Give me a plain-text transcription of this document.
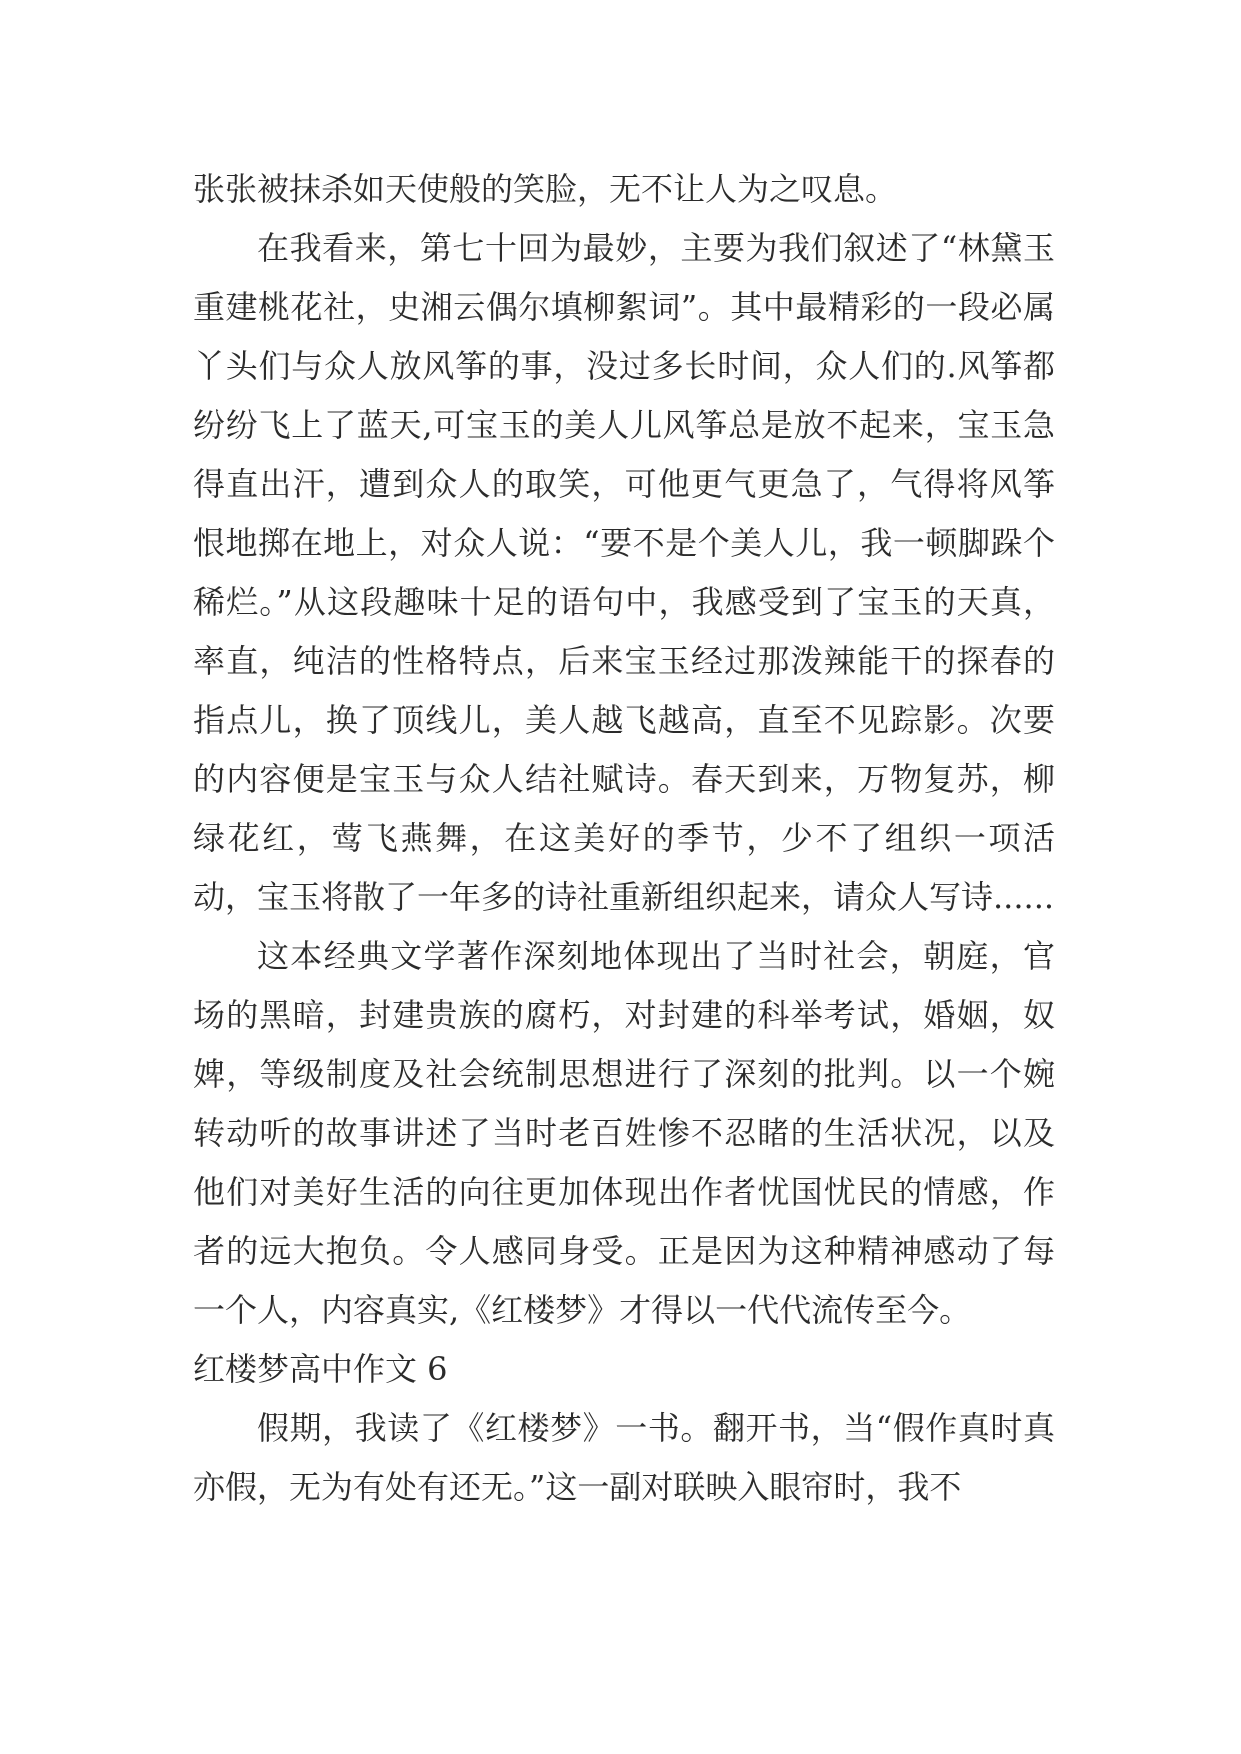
张张被抹杀如天使般的笑脸，无不让人为之叹息。

在我看来，第七十回为最妙，主要为我们叙述了“林黛玉重建桃花社，史湘云偶尔填柳絮词”。其中最精彩的一段必属丫头们与众人放风筝的事，没过多长时间，众人们的.风筝都纷纷飞上了蓝天,可宝玉的美人儿风筝总是放不起来，宝玉急得直出汗，遭到众人的取笑，可他更气更急了，气得将风筝恨地掷在地上，对众人说：“要不是个美人儿，我一顿脚跺个稀烂。”从这段趣味十足的语句中，我感受到了宝玉的天真，率直，纯洁的性格特点，后来宝玉经过那泼辣能干的探春的指点儿，换了顶线儿，美人越飞越高，直至不见踪影。次要的内容便是宝玉与众人结社赋诗。春天到来，万物复苏，柳绿花红，莺飞燕舞，在这美好的季节，少不了组织一项活动，宝玉将散了一年多的诗社重新组织起来，请众人写诗......

这本经典文学著作深刻地体现出了当时社会，朝庭，官场的黑暗，封建贵族的腐朽，对封建的科举考试，婚姻，奴婢，等级制度及社会统制思想进行了深刻的批判。以一个婉转动听的故事讲述了当时老百姓惨不忍睹的生活状况，以及他们对美好生活的向往更加体现出作者忧国忧民的情感，作者的远大抱负。令人感同身受。正是因为这种精神感动了每一个人，内容真实,《红楼梦》才得以一代代流传至今。

红楼梦高中作文 6

假期，我读了《红楼梦》一书。翻开书，当“假作真时真亦假，无为有处有还无。”这一副对联映入眼帘时，我不
